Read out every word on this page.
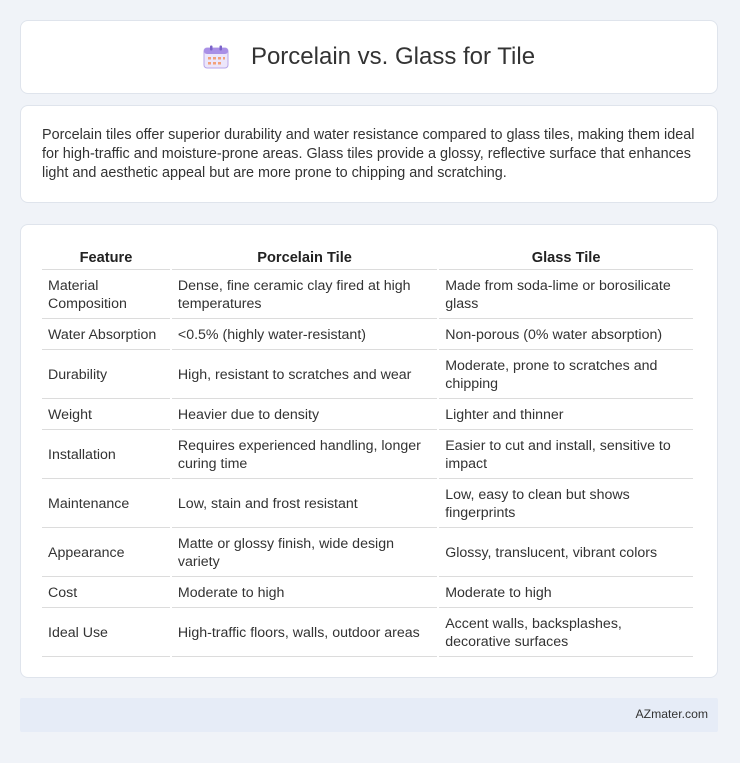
Porcelain vs. Glass for Tile

Porcelain tiles offer superior durability and water resistance compared to glass tiles, making them ideal for high-traffic and moisture-prone areas. Glass tiles provide a glossy, reflective surface that enhances light and aesthetic appeal but are more prone to chipping and scratching.

Feature	Porcelain Tile	Glass Tile
Material Composition	Dense, fine ceramic clay fired at high temperatures	Made from soda-lime or borosilicate glass
Water Absorption	<0.5% (highly water-resistant)	Non-porous (0% water absorption)
Durability	High, resistant to scratches and wear	Moderate, prone to scratches and chipping
Weight	Heavier due to density	Lighter and thinner
Installation	Requires experienced handling, longer curing time	Easier to cut and install, sensitive to impact
Maintenance	Low, stain and frost resistant	Low, easy to clean but shows fingerprints
Appearance	Matte or glossy finish, wide design variety	Glossy, translucent, vibrant colors
Cost	Moderate to high	Moderate to high
Ideal Use	High-traffic floors, walls, outdoor areas	Accent walls, backsplashes, decorative surfaces
AZmater.com
